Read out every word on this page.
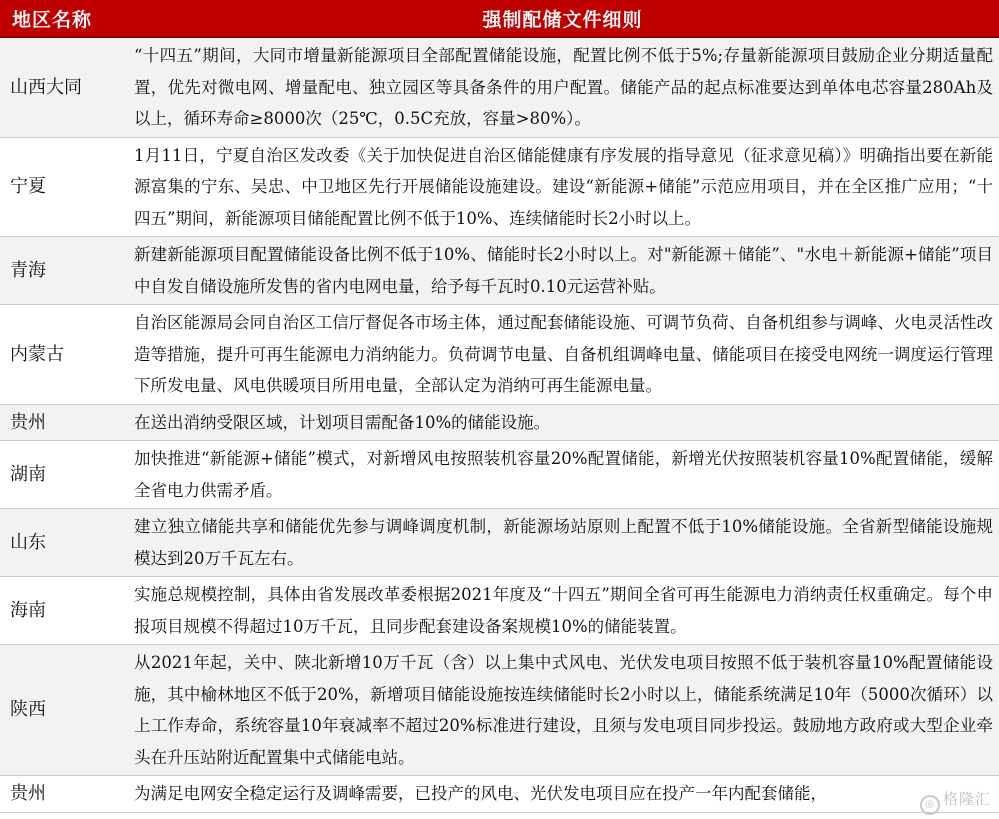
地区名称	强制配储文件细则
山西大同	“十四五”期间，大同市增量新能源项目全部配置储能设施，配置比例不低于5%;存量新能源项目鼓励企业分期适量配置，优先对微电网、增量配电、独立园区等具备条件的用户配置。储能产品的起点标准要达到单体电芯容量280Ah及以上，循环寿命≥8000次（25℃，0.5C充放，容量>80%）。
宁夏	1月11日，宁夏自治区发改委《关于加快促进自治区储能健康有序发展的指导意见（征求意见稿）》明确指出要在新能源富集的宁东、吴忠、中卫地区先行开展储能设施建设。建设“新能源+储能”示范应用项目，并在全区推广应用；“十四五”期间，新能源项目储能配置比例不低于10%、连续储能时长2小时以上。
青海	新建新能源项目配置储能设备比例不低于10%、储能时长2小时以上。对"新能源＋储能”、"水电＋新能源+储能”项目中自发自储设施所发售的省内电网电量，给予每千瓦时0.10元运营补贴。
内蒙古	自治区能源局会同自治区工信厅督促各市场主体，通过配套储能设施、可调节负荷、自备机组参与调峰、火电灵活性改造等措施，提升可再生能源电力消纳能力。负荷调节电量、自备机组调峰电量、储能项目在接受电网统一调度运行管理下所发电量、风电供暖项目所用电量，全部认定为消纳可再生能源电量。
贵州	在送出消纳受限区域，计划项目需配备10%的储能设施。
湖南	加快推进“新能源+储能”模式，对新增风电按照装机容量20%配置储能，新增光伏按照装机容量10%配置储能，缓解全省电力供需矛盾。
山东	建立独立储能共享和储能优先参与调峰调度机制，新能源场站原则上配置不低于10%储能设施。全省新型储能设施规模达到20万千瓦左右。
海南	实施总规模控制，具体由省发展改革委根据2021年度及“十四五”期间全省可再生能源电力消纳责任权重确定。每个申报项目规模不得超过10万千瓦，且同步配套建设备案规模10%的储能装置。
陕西	从2021年起，关中、陕北新增10万千瓦（含）以上集中式风电、光伏发电项目按照不低于装机容量10%配置储能设施，其中榆林地区不低于20%，新增项目储能设施按连续储能时长2小时以上，储能系统满足10年（5000次循环）以上工作寿命，系统容量10年衰减率不超过20%标准进行建设，且须与发电项目同步投运。鼓励地方政府或大型企业牵头在升压站附近配置集中式储能电站。
贵州	为满足电网安全稳定运行及调峰需要，已投产的风电、光伏发电项目应在投产一年内配套储能，
◎ 格隆汇
